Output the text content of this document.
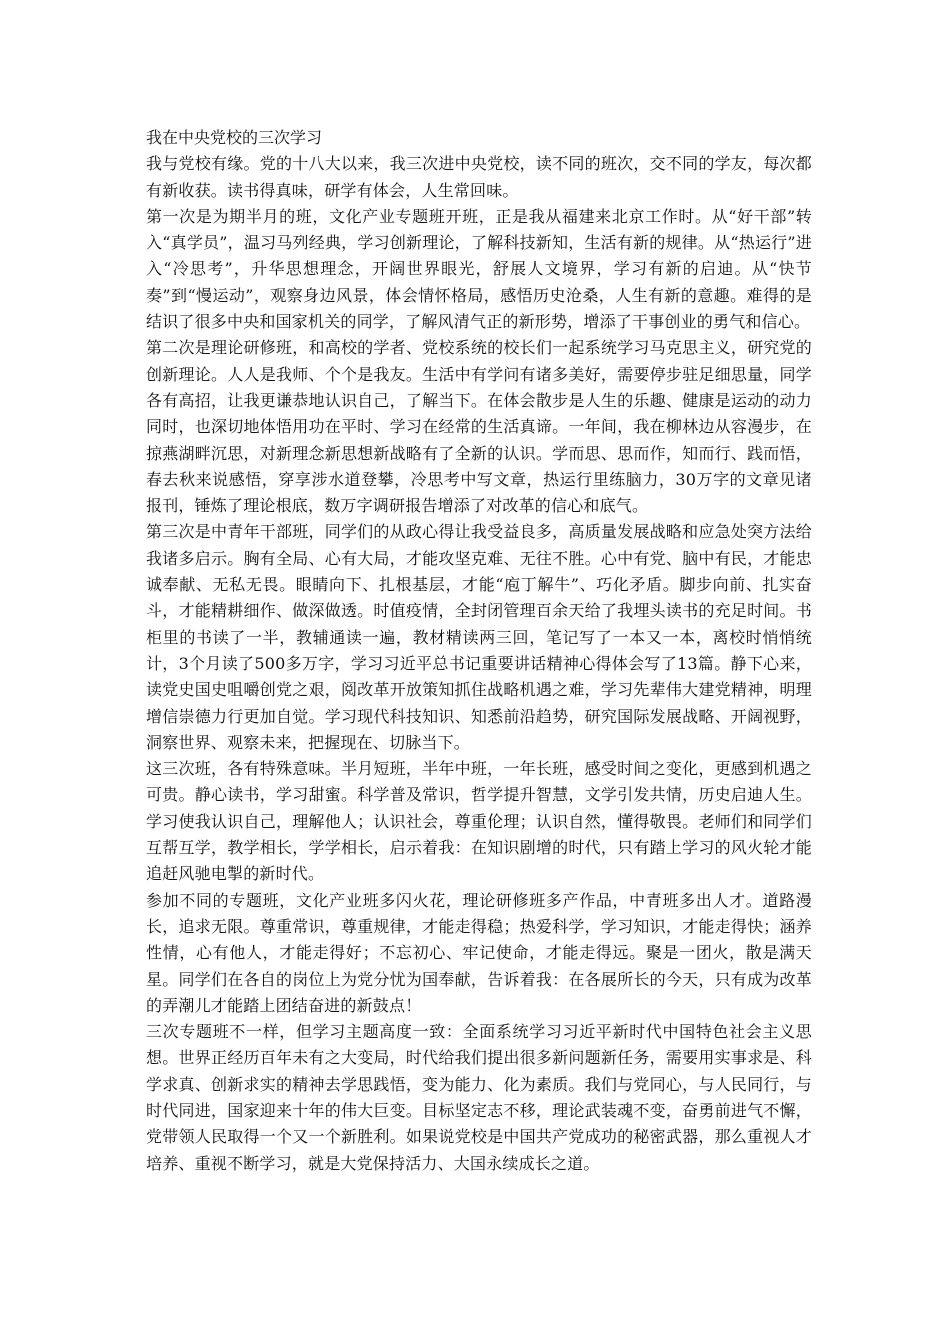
我在中央党校的三次学习

我与党校有缘。党的十八大以来，我三次进中央党校，读不同的班次，交不同的学友，每次都有新收获。读书得真味，研学有体会，人生常回味。

第一次是为期半月的班，文化产业专题班开班，正是我从福建来北京工作时。从“好干部”转入“真学员”，温习马列经典，学习创新理论，了解科技新知，生活有新的规律。从“热运行”进入“冷思考”，升华思想理念，开阔世界眼光，舒展人文境界，学习有新的启迪。从“快节奏”到“慢运动”，观察身边风景，体会情怀格局，感悟历史沧桑，人生有新的意趣。难得的是结识了很多中央和国家机关的同学，了解风清气正的新形势，增添了干事创业的勇气和信心。

第二次是理论研修班，和高校的学者、党校系统的校长们一起系统学习马克思主义，研究党的创新理论。人人是我师、个个是我友。生活中有学问有诸多美好，需要停步驻足细思量，同学各有高招，让我更谦恭地认识自己，了解当下。在体会散步是人生的乐趣、健康是运动的动力同时，也深切地体悟用功在平时、学习在经常的生活真谛。一年间，我在柳林边从容漫步，在掠燕湖畔沉思，对新理念新思想新战略有了全新的认识。学而思、思而作，知而行、践而悟，春去秋来说感悟，穿享涉水道登攀，冷思考中写文章，热运行里练脑力，30万字的文章见诸报刊，锤炼了理论根底，数万字调研报告增添了对改革的信心和底气。

第三次是中青年干部班，同学们的从政心得让我受益良多，高质量发展战略和应急处突方法给我诸多启示。胸有全局、心有大局，才能攻坚克难、无往不胜。心中有党、脑中有民，才能忠诚奉献、无私无畏。眼睛向下、扎根基层，才能“庖丁解牛”、巧化矛盾。脚步向前、扎实奋斗，才能精耕细作、做深做透。时值疫情，全封闭管理百余天给了我埋头读书的充足时间。书柜里的书读了一半，教辅通读一遍，教材精读两三回，笔记写了一本又一本，离校时悄悄统计，3个月读了500多万字，学习习近平总书记重要讲话精神心得体会写了13篇。静下心来，读党史国史咀嚼创党之艰，阅改革开放策知抓住战略机遇之难，学习先辈伟大建党精神，明理增信崇德力行更加自觉。学习现代科技知识、知悉前沿趋势，研究国际发展战略、开阔视野，洞察世界、观察未来，把握现在、切脉当下。

这三次班，各有特殊意味。半月短班，半年中班，一年长班，感受时间之变化，更感到机遇之可贵。静心读书，学习甜蜜。科学普及常识，哲学提升智慧，文学引发共情，历史启迪人生。学习使我认识自己，理解他人；认识社会，尊重伦理；认识自然，懂得敬畏。老师们和同学们互帮互学，教学相长，学学相长，启示着我：在知识剧增的时代，只有踏上学习的风火轮才能追赶风驰电掣的新时代。

参加不同的专题班，文化产业班多闪火花，理论研修班多产作品，中青班多出人才。道路漫长，追求无限。尊重常识，尊重规律，才能走得稳；热爱科学，学习知识，才能走得快；涵养性情，心有他人，才能走得好；不忘初心、牢记使命，才能走得远。聚是一团火，散是满天星。同学们在各自的岗位上为党分忧为国奉献，告诉着我：在各展所长的今天，只有成为改革的弄潮儿才能踏上团结奋进的新鼓点！

三次专题班不一样，但学习主题高度一致：全面系统学习习近平新时代中国特色社会主义思想。世界正经历百年未有之大变局，时代给我们提出很多新问题新任务，需要用实事求是、科学求真、创新求实的精神去学思践悟，变为能力、化为素质。我们与党同心，与人民同行，与时代同进，国家迎来十年的伟大巨变。目标坚定志不移，理论武装魂不变，奋勇前进气不懈，党带领人民取得一个又一个新胜利。如果说党校是中国共产党成功的秘密武器，那么重视人才培养、重视不断学习，就是大党保持活力、大国永续成长之道。
